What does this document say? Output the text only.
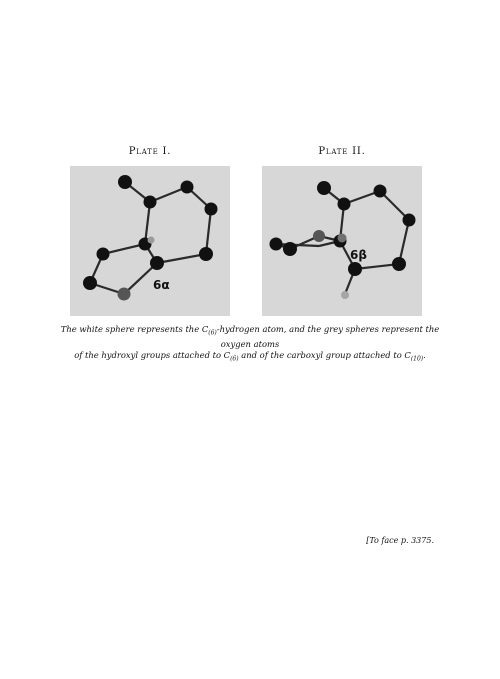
Plate I.	Plate II.
6α
6β
The white sphere represents the $C_{(6)}$-hydrogen atom, and the grey spheres represent the oxygen atoms
of the hydroxyl groups attached to $C_{(6)}$ and of the carboxyl group attached to $C_{(10)}$.
[To face p. 3375.
